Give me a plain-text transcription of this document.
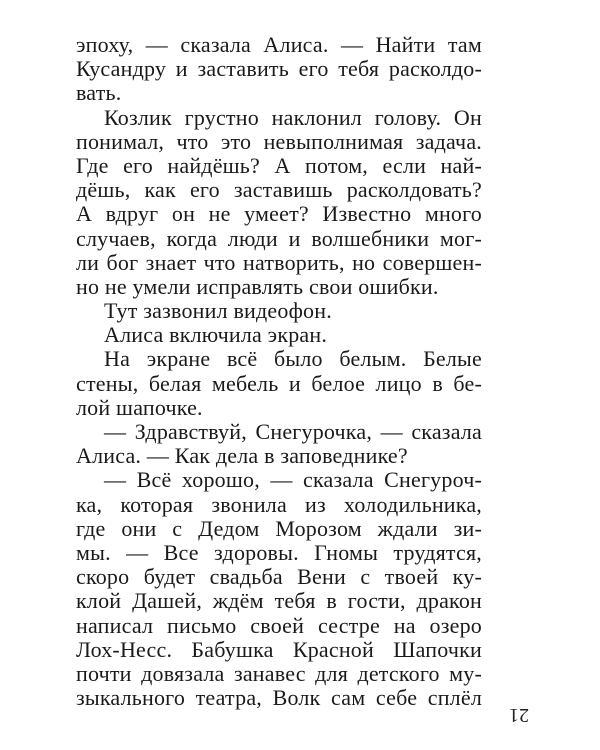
эпоху, — сказала Алиса. — Найти там
Кусандру и заставить его тебя расколдо-
вать.
Козлик грустно наклонил голову. Он
понимал, что это невыполнимая задача.
Где его найдёшь? А потом, если най-
дёшь, как его заставишь расколдовать?
А вдруг он не умеет? Известно много
случаев, когда люди и волшебники мог-
ли бог знает что натворить, но совершен-
но не умели исправлять свои ошибки.
Тут зазвонил видеофон.
Алиса включила экран.
На экране всё было белым. Белые
стены, белая мебель и белое лицо в бе-
лой шапочке.
— Здравствуй, Снегурочка, — сказала
Алиса. — Как дела в заповеднике?
— Всё хорошо, — сказала Снегуроч-
ка, которая звонила из холодильника,
где они с Дедом Морозом ждали зи-
мы. — Все здоровы. Гномы трудятся,
скоро будет свадьба Вени с твоей ку-
клой Дашей, ждём тебя в гости, дракон
написал письмо своей сестре на озеро
Лох-Несс. Бабушка Красной Шапочки
почти довязала занавес для детского му-
зыкального театра, Волк сам себе сплёл
21
